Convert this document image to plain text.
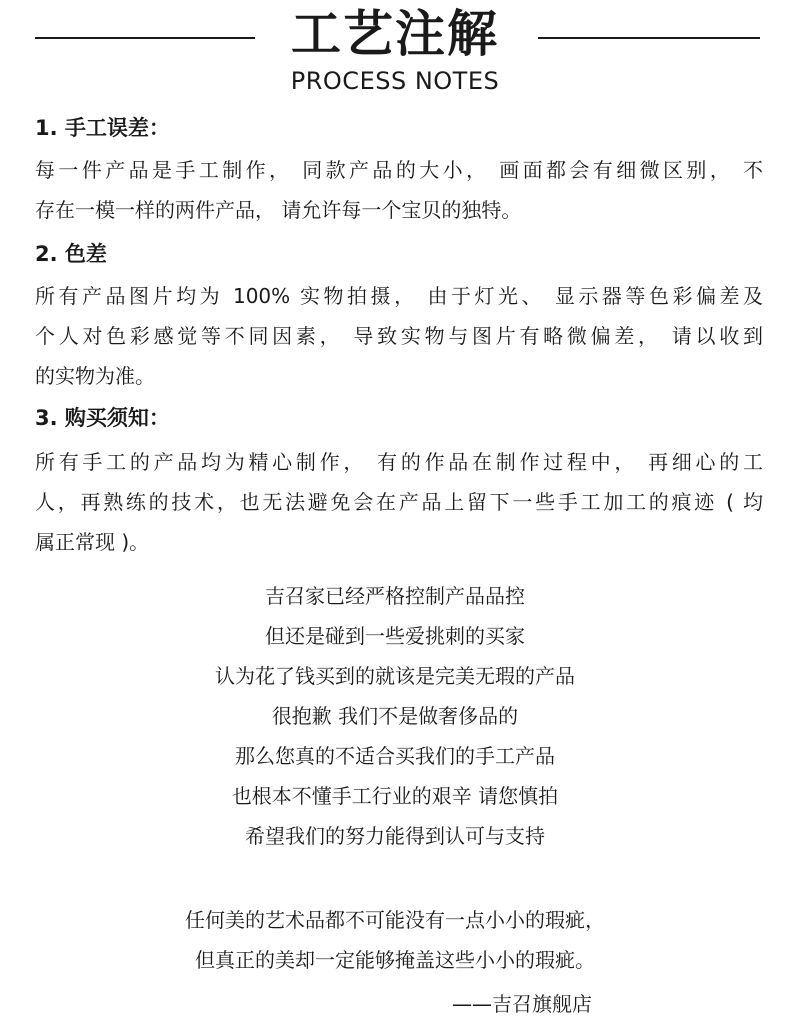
工艺注解
PROCESS NOTES
1. 手工误差：

每一件产品是手工制作， 同款产品的大小， 画面都会有细微区别， 不
存在一模一样的两件产品， 请允许每一个宝贝的独特。

2. 色差

所有产品图片均为 100% 实物拍摄， 由于灯光、 显示器等色彩偏差及
个人对色彩感觉等不同因素， 导致实物与图片有略微偏差， 请以收到
的实物为准。

3. 购买须知：

所有手工的产品均为精心制作， 有的作品在制作过程中， 再细心的工
人，再熟练的技术，也无法避免会在产品上留下一些手工加工的痕迹 ( 均
属正常现 )。

吉召家已经严格控制产品品控
但还是碰到一些爱挑刺的买家
认为花了钱买到的就该是完美无瑕的产品
很抱歉 我们不是做奢侈品的
那么您真的不适合买我们的手工产品
也根本不懂手工行业的艰辛 请您慎拍
希望我们的努力能得到认可与支持
任何美的艺术品都不可能没有一点小小的瑕疵，
但真正的美却一定能够掩盖这些小小的瑕疵。
——吉召旗舰店
